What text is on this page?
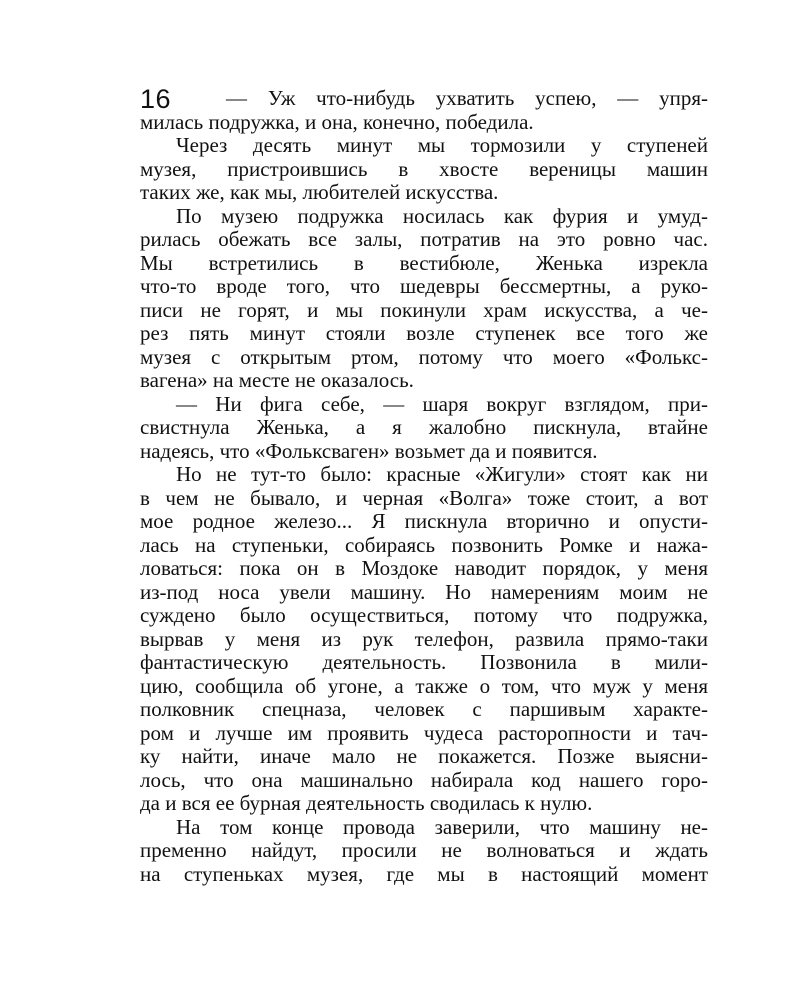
16	— Уж что-нибудь ухватить успею, — упря-
милась подружка, и она, конечно, победила.
Через десять минут мы тормозили у ступеней
музея, пристроившись в хвосте вереницы машин
таких же, как мы, любителей искусства.
По музею подружка носилась как фурия и умуд-
рилась обежать все залы, потратив на это ровно час.
Мы встретились в вестибюле, Женька изрекла
что-то вроде того, что шедевры бессмертны, а руко-
писи не горят, и мы покинули храм искусства, а че-
рез пять минут стояли возле ступенек все того же
музея с открытым ртом, потому что моего «Фолькс-
вагена» на месте не оказалось.
— Ни фига себе, — шаря вокруг взглядом, при-
свистнула Женька, а я жалобно пискнула, втайне
надеясь, что «Фольксваген» возьмет да и появится.
Но не тут-то было: красные «Жигули» стоят как ни
в чем не бывало, и черная «Волга» тоже стоит, а вот
мое родное железо... Я пискнула вторично и опусти-
лась на ступеньки, собираясь позвонить Ромке и нажа-
ловаться: пока он в Моздоке наводит порядок, у меня
из-под носа увели машину. Но намерениям моим не
суждено было осуществиться, потому что подружка,
вырвав у меня из рук телефон, развила прямо-таки
фантастическую деятельность. Позвонила в мили-
цию, сообщила об угоне, а также о том, что муж у меня
полковник спецназа, человек с паршивым характе-
ром и лучше им проявить чудеса расторопности и тач-
ку найти, иначе мало не покажется. Позже выясни-
лось, что она машинально набирала код нашего горо-
да и вся ее бурная деятельность сводилась к нулю.
На том конце провода заверили, что машину не-
пременно найдут, просили не волноваться и ждать
на ступеньках музея, где мы в настоящий момент
